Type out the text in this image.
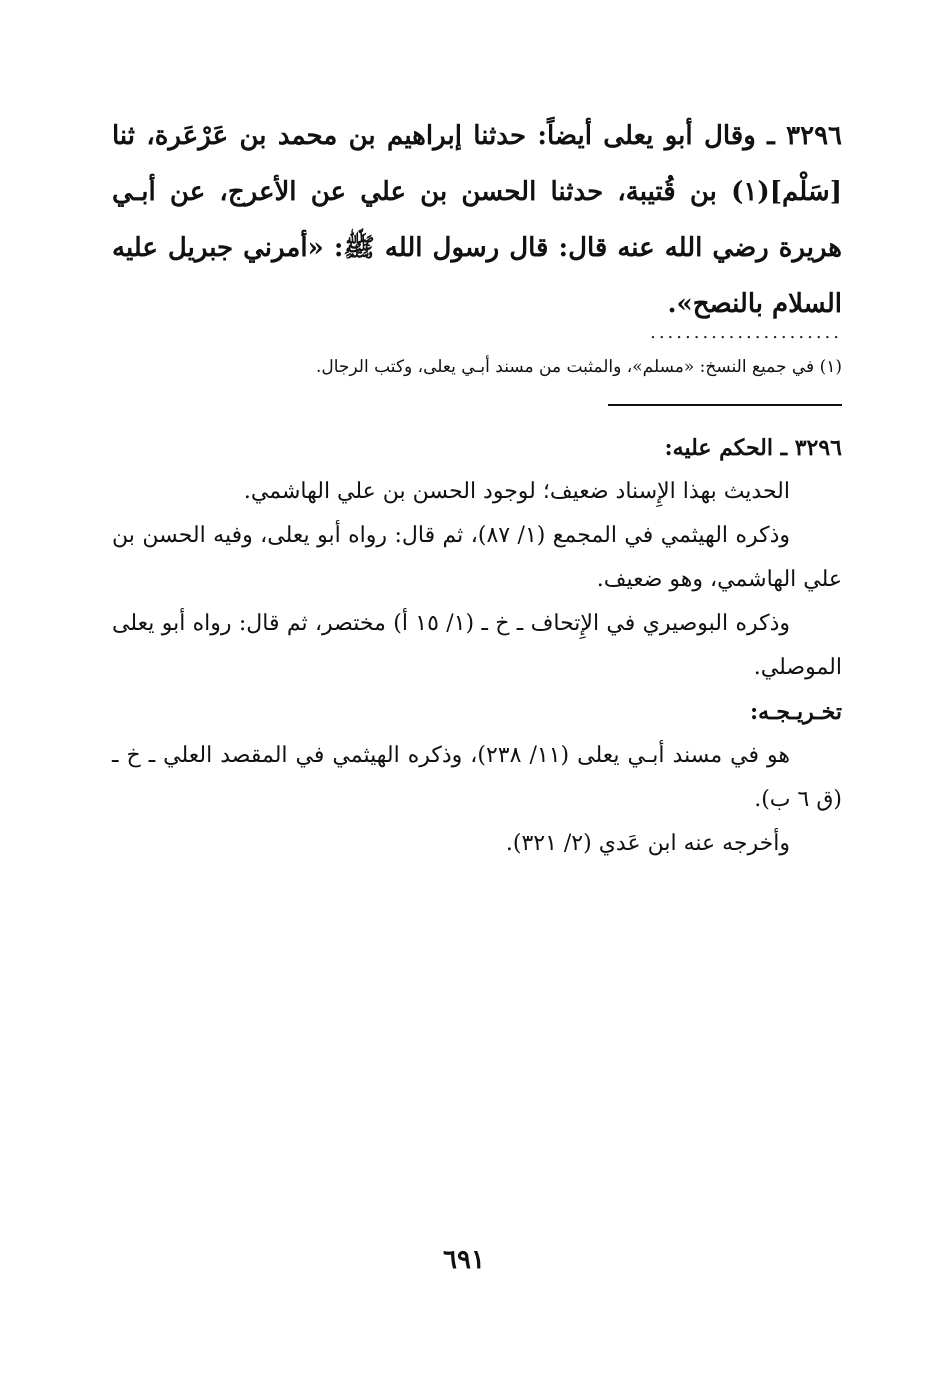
٣٢٩٦ ـ وقال أبو يعلى أيضاً: حدثنا إبراهيم بن محمد بن عَرْعَرة، ثنا [سَلْم](١) بن قُتيبة، حدثنا الحسن بن علي عن الأعرج، عن أبـي هريرة رضي الله عنه قال: قال رسول الله ﷺ: «أمرني جبريل عليه السلام بالنصح».

......................

(١) في جميع النسخ: «مسلم»، والمثبت من مسند أبـي يعلى، وكتب الرجال.

٣٢٩٦ ـ الحكم عليه:

الحديث بهذا الإِسناد ضعيف؛ لوجود الحسن بن علي الهاشمي.

وذكره الهيثمي في المجمع (١/ ٨٧)، ثم قال: رواه أبو يعلى، وفيه الحسن بن علي الهاشمي، وهو ضعيف.

وذكره البوصيري في الإِتحاف ـ خ ـ (١/ ١٥ أ) مختصر، ثم قال: رواه أبو يعلى الموصلي.

تخـريـجـه:

هو في مسند أبـي يعلى (١١/ ٢٣٨)، وذكره الهيثمي في المقصد العلي ـ خ ـ (ق ٦ ب).

وأخرجه عنه ابن عَدي (٢/ ٣٢١).

٦٩١
